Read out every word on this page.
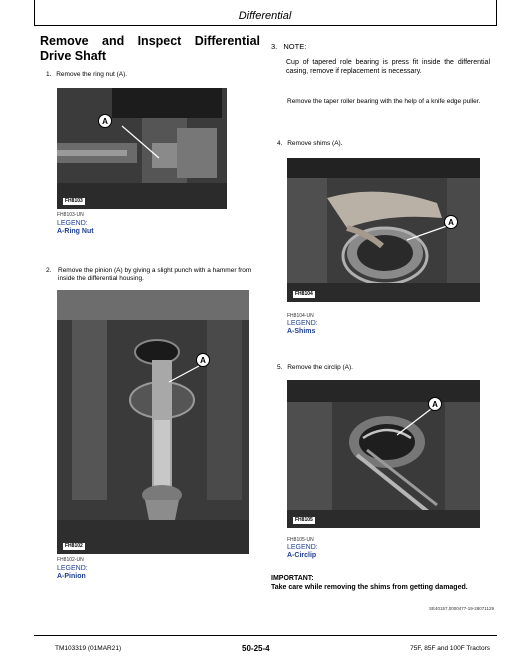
Differential
Remove and Inspect Differential Drive Shaft
1. Remove the ring nut (A).
A
FH8103
FH8103-UN
LEGEND:
A-Ring Nut
2.	Remove the pinion (A) by giving a slight punch with a hammer from inside the differential housing.
A
FH8102
FH8102-UN
LEGEND:
A-Pinion
3. NOTE:
Cup of tapered role bearing is press fit inside the differential casing, remove if replacement is necessary.
Remove the taper roller bearing with the help of a knife edge puller.
4. Remove shims (A).
A
FH8104
FH8104-UN
LEGEND:
A-Shims
5. Remove the circlip (A).
A
FH8105
FH8105-UN
LEGEND:
A-Circlip
IMPORTANT:
Take care while removing the shims from getting damaged.
SE40157,0000477-19-28071129
TM103319 (01MAR21)	50-25-4	75F, 85F and 100F Tractors
